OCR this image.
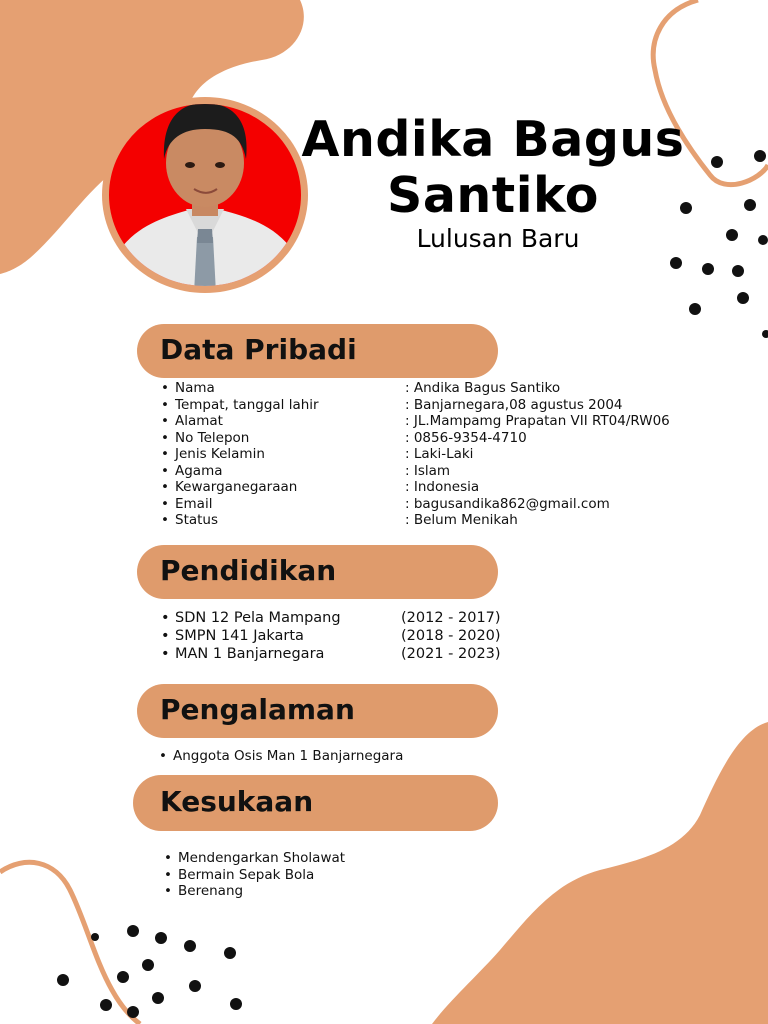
Andika Bagus
Santiko
Lulusan Baru
Data Pribadi
• Nama	: Andika Bagus Santiko
• Tempat, tanggal lahir	: Banjarnegara,08 agustus 2004
• Alamat	: JL.Mampamg Prapatan VII RT04/RW06
• No Telepon	: 0856-9354-4710
• Jenis Kelamin	: Laki-Laki
• Agama	: Islam
• Kewarganegaraan	: Indonesia
• Email	: bagusandika862@gmail.com
• Status	: Belum Menikah
Pendidikan
• SDN 12 Pela Mampang	(2012 - 2017)
• SMPN 141 Jakarta	(2018 - 2020)
• MAN 1 Banjarnegara	(2021 - 2023)
Pengalaman
• Anggota Osis Man 1 Banjarnegara
Kesukaan
• Mendengarkan Sholawat
• Bermain Sepak Bola
• Berenang
